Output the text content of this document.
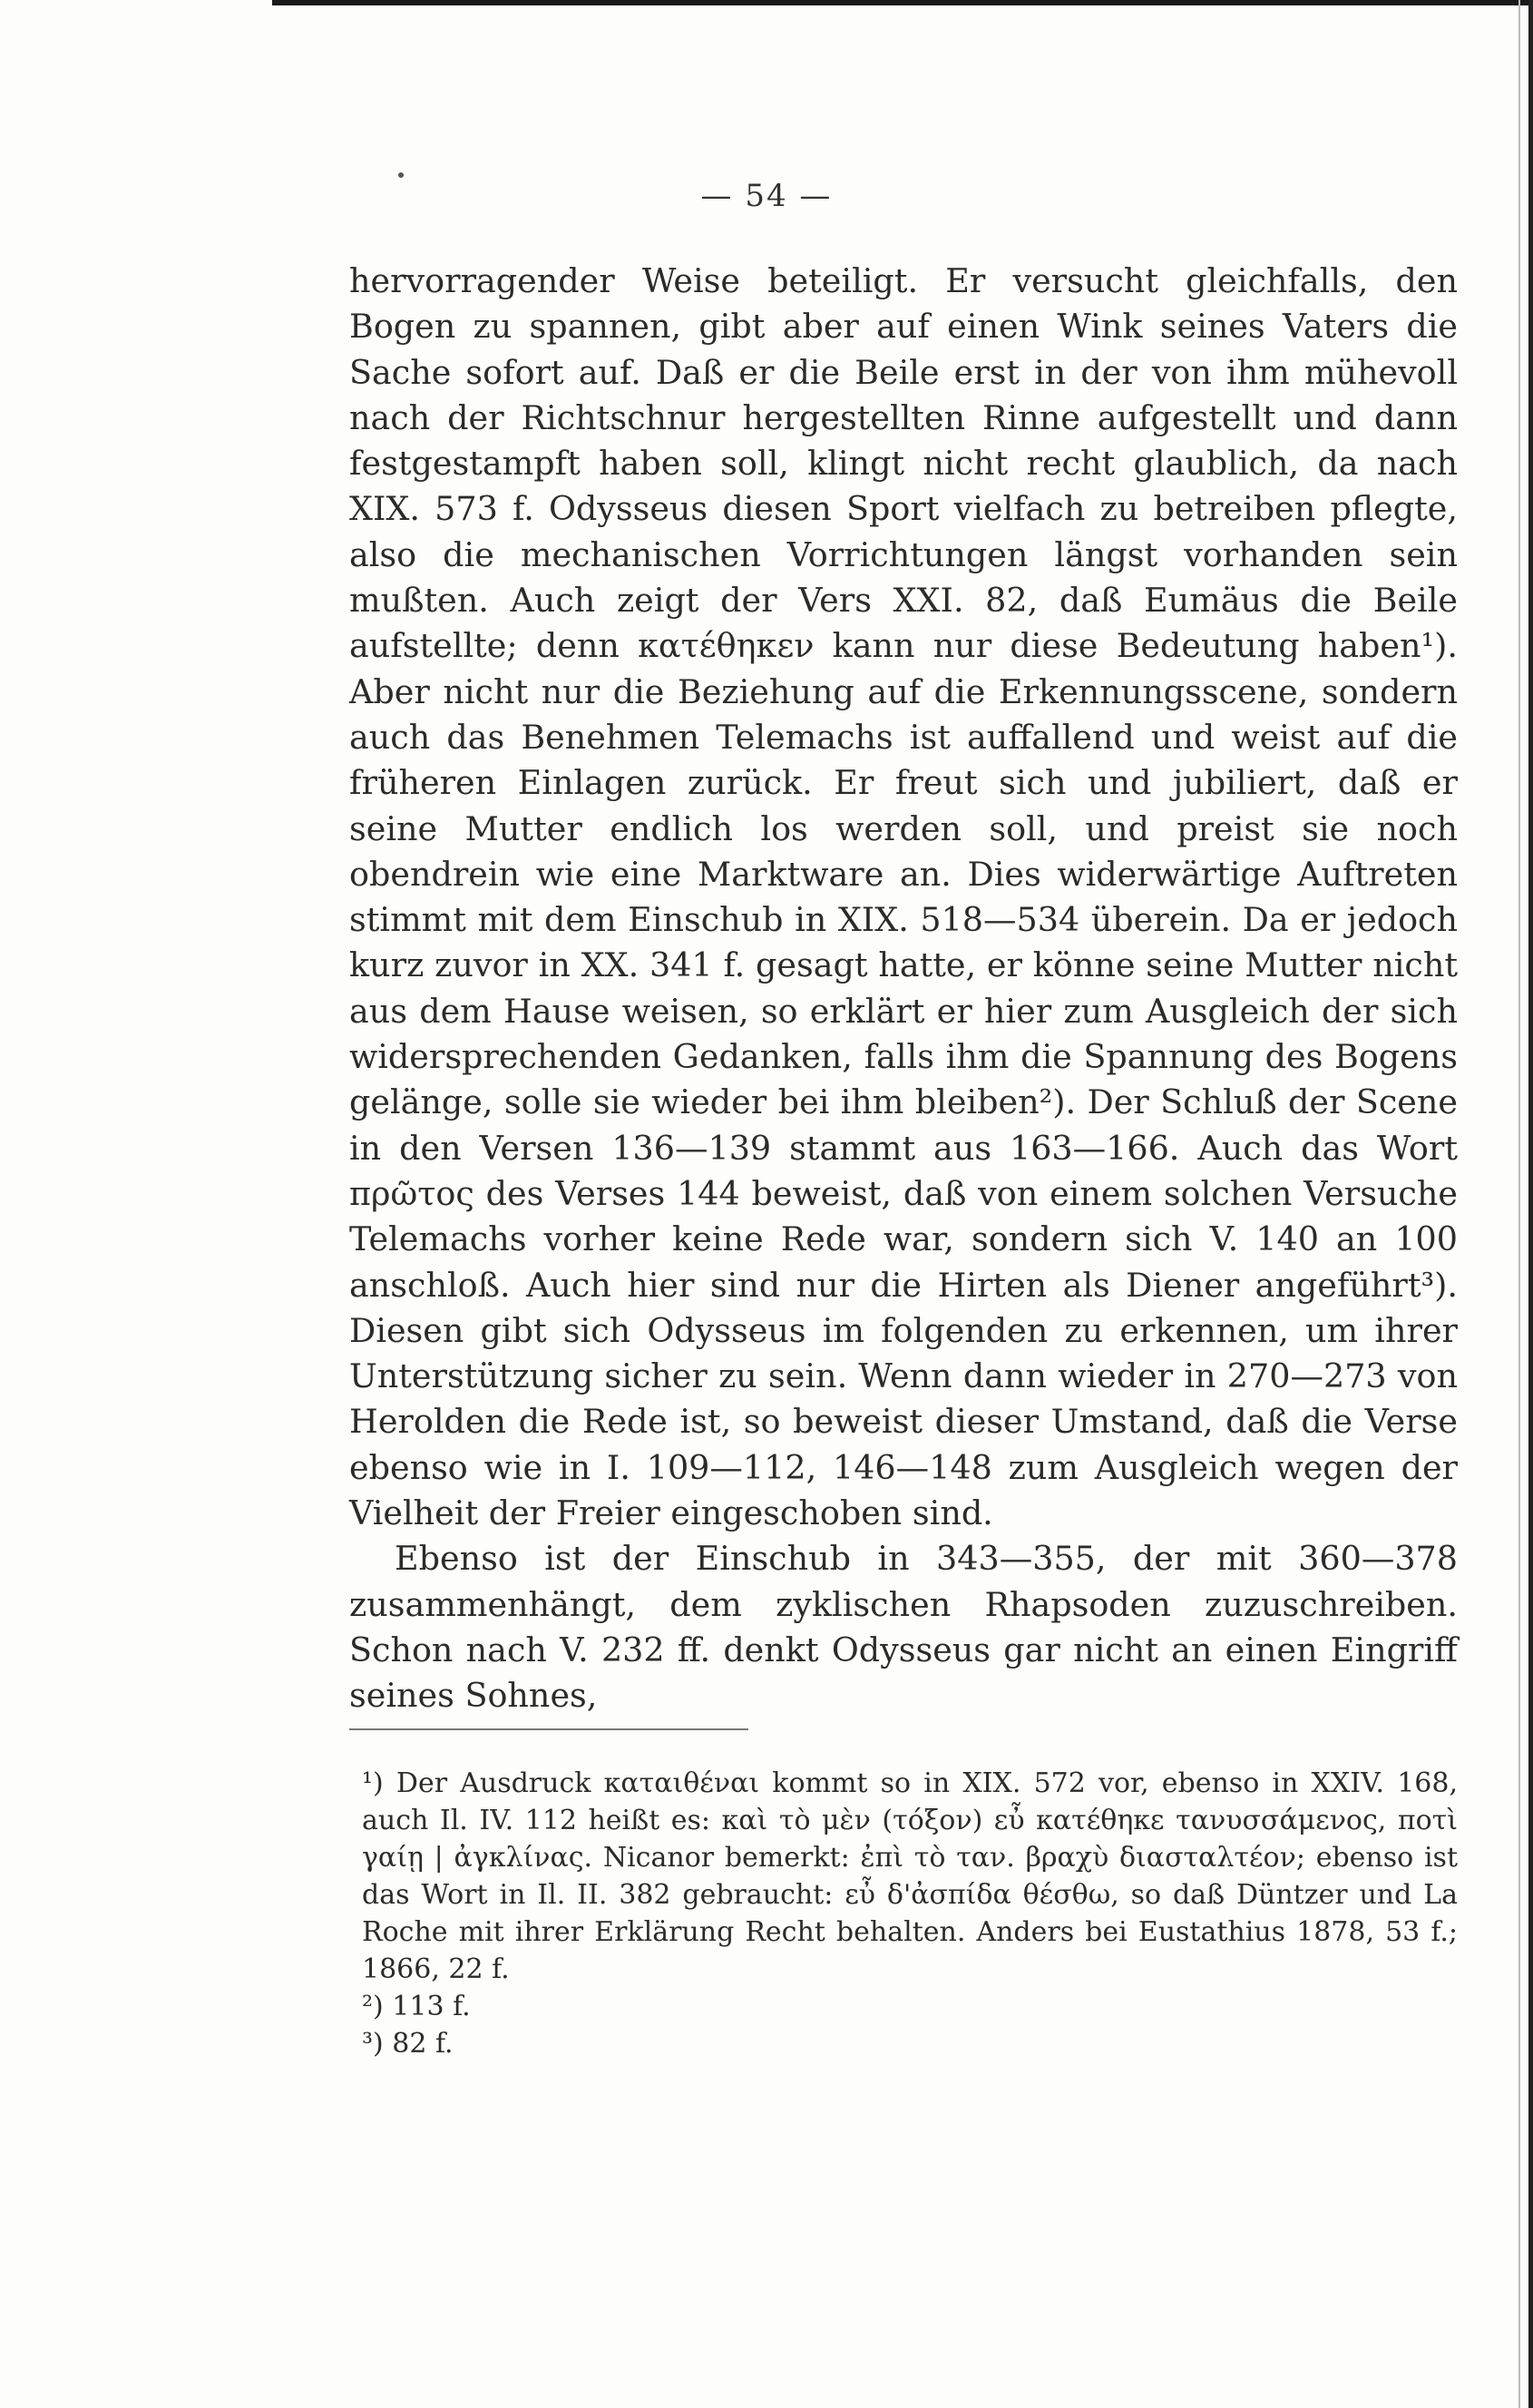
— 54 —

hervorragender Weise beteiligt. Er versucht gleichfalls, den Bogen zu spannen, gibt aber auf einen Wink seines Vaters die Sache sofort auf. Daß er die Beile erst in der von ihm mühevoll nach der Richtschnur hergestellten Rinne aufgestellt und dann festgestampft haben soll, klingt nicht recht glaublich, da nach XIX. 573 f. Odysseus diesen Sport vielfach zu betreiben pflegte, also die mechanischen Vorrichtungen längst vorhanden sein mußten. Auch zeigt der Vers XXI. 82, daß Eumäus die Beile aufstellte; denn κατέθηκεν kann nur diese Bedeutung haben¹). Aber nicht nur die Beziehung auf die Erkennungsscene, sondern auch das Benehmen Telemachs ist auffallend und weist auf die früheren Einlagen zurück. Er freut sich und jubiliert, daß er seine Mutter endlich los werden soll, und preist sie noch obendrein wie eine Marktware an. Dies widerwärtige Auftreten stimmt mit dem Einschub in XIX. 518—534 überein. Da er jedoch kurz zuvor in XX. 341 f. gesagt hatte, er könne seine Mutter nicht aus dem Hause weisen, so erklärt er hier zum Ausgleich der sich widersprechenden Gedanken, falls ihm die Spannung des Bogens gelänge, solle sie wieder bei ihm bleiben²). Der Schluß der Scene in den Versen 136—139 stammt aus 163—166. Auch das Wort πρῶτος des Verses 144 beweist, daß von einem solchen Versuche Telemachs vorher keine Rede war, sondern sich V. 140 an 100 anschloß. Auch hier sind nur die Hirten als Diener angeführt³). Diesen gibt sich Odysseus im folgenden zu erkennen, um ihrer Unterstützung sicher zu sein. Wenn dann wieder in 270—273 von Herolden die Rede ist, so beweist dieser Umstand, daß die Verse ebenso wie in I. 109—112, 146—148 zum Ausgleich wegen der Vielheit der Freier eingeschoben sind.

Ebenso ist der Einschub in 343—355, der mit 360—378 zusammenhängt, dem zyklischen Rhapsoden zuzuschreiben. Schon nach V. 232 ff. denkt Odysseus gar nicht an einen Eingriff seines Sohnes,

¹) Der Ausdruck καταιθέναι kommt so in XIX. 572 vor, ebenso in XXIV. 168, auch Il. IV. 112 heißt es: καὶ τὸ μὲν (τόξον) εὖ κατέθηκε τανυσσάμενος, ποτὶ γαίῃ | ἀγκλίνας. Nicanor bemerkt: ἐπὶ τὸ ταν. βραχὺ διασταλτέον; ebenso ist das Wort in Il. II. 382 gebraucht: εὖ δ'ἀσπίδα θέσθω, so daß Düntzer und La Roche mit ihrer Erklärung Recht behalten. Anders bei Eustathius 1878, 53 f.; 1866, 22 f.

²) 113 f.

³) 82 f.
